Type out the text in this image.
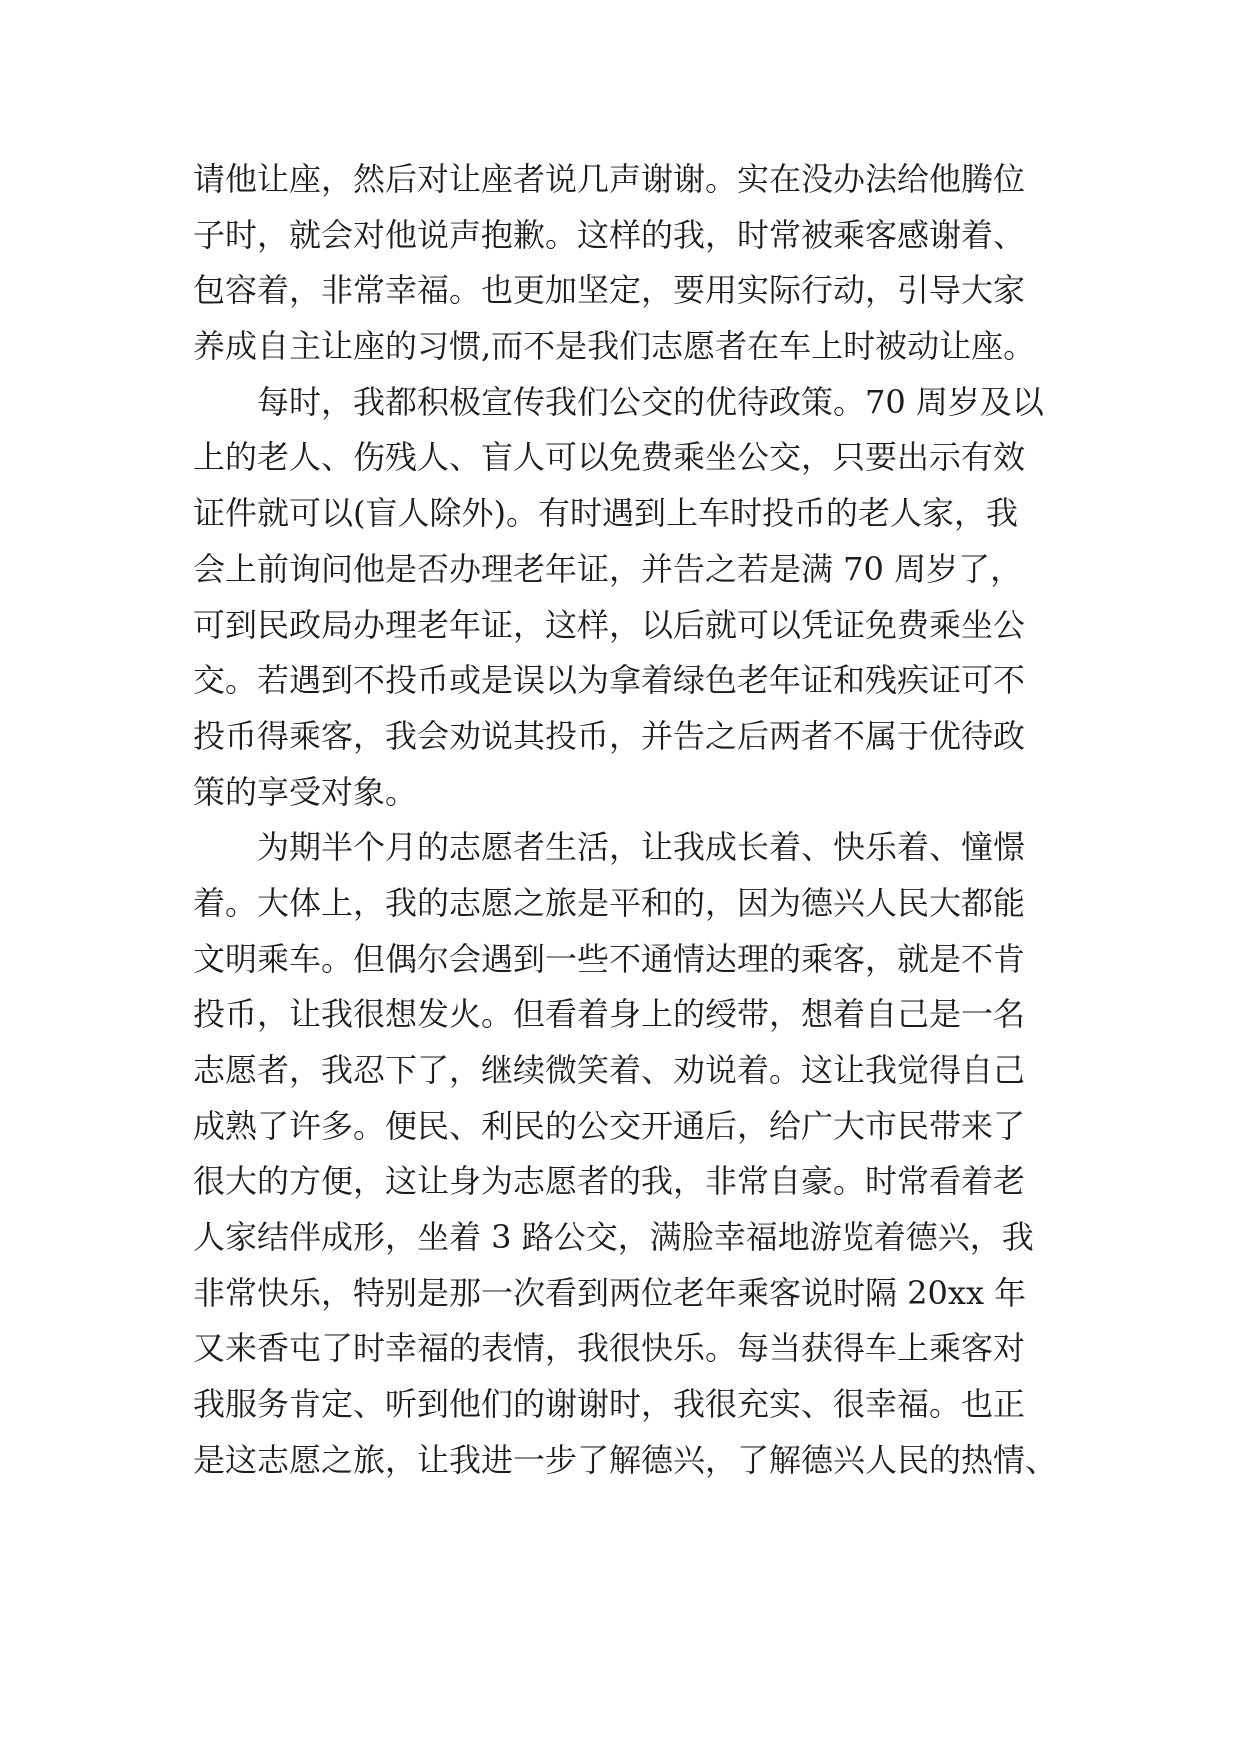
请他让座，然后对让座者说几声谢谢。实在没办法给他腾位
子时，就会对他说声抱歉。这样的我，时常被乘客感谢着、
包容着，非常幸福。也更加坚定，要用实际行动，引导大家
养成自主让座的习惯,而不是我们志愿者在车上时被动让座。
　　每时，我都积极宣传我们公交的优待政策。70 周岁及以
上的老人、伤残人、盲人可以免费乘坐公交，只要出示有效
证件就可以(盲人除外)。有时遇到上车时投币的老人家，我
会上前询问他是否办理老年证，并告之若是满 70 周岁了，
可到民政局办理老年证，这样，以后就可以凭证免费乘坐公
交。若遇到不投币或是误以为拿着绿色老年证和残疾证可不
投币得乘客，我会劝说其投币，并告之后两者不属于优待政
策的享受对象。
　　为期半个月的志愿者生活，让我成长着、快乐着、憧憬
着。大体上，我的志愿之旅是平和的，因为德兴人民大都能
文明乘车。但偶尔会遇到一些不通情达理的乘客，就是不肯
投币，让我很想发火。但看着身上的绶带，想着自己是一名
志愿者，我忍下了，继续微笑着、劝说着。这让我觉得自己
成熟了许多。便民、利民的公交开通后，给广大市民带来了
很大的方便，这让身为志愿者的我，非常自豪。时常看着老
人家结伴成形，坐着 3 路公交，满脸幸福地游览着德兴，我
非常快乐，特别是那一次看到两位老年乘客说时隔 20xx 年
又来香屯了时幸福的表情，我很快乐。每当获得车上乘客对
我服务肯定、听到他们的谢谢时，我很充实、很幸福。也正
是这志愿之旅，让我进一步了解德兴，了解德兴人民的热情、
